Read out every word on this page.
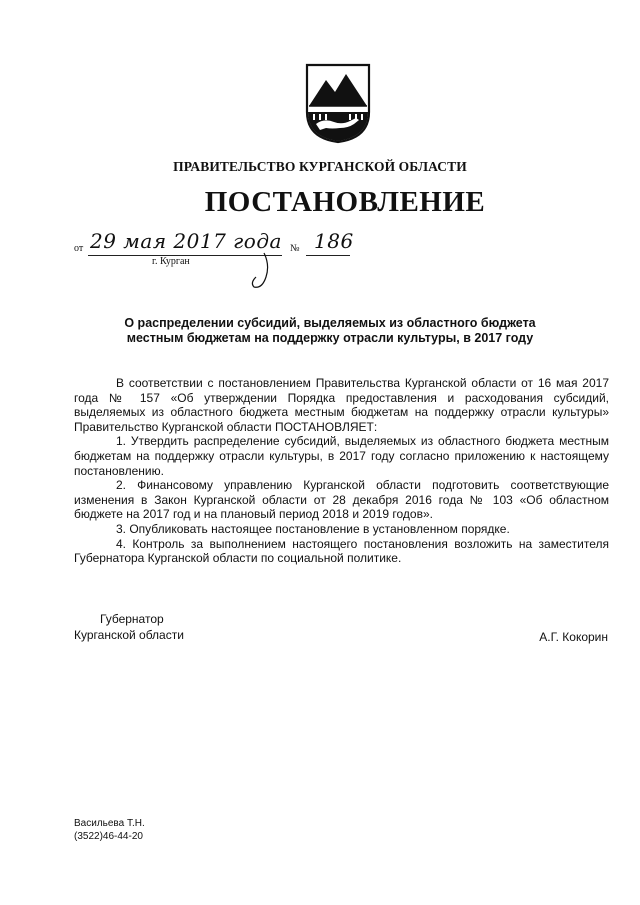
ПРАВИТЕЛЬСТВО КУРГАНСКОЙ ОБЛАСТИ
ПОСТАНОВЛЕНИЕ
от 29 мая 2017 года № 186
г. Курган
О распределении субсидий, выделяемых из областного бюджета
местным бюджетам на поддержку отрасли культуры, в 2017 году

В соответствии с постановлением Правительства Курганской области от 16 мая 2017 года № 157 «Об утверждении Порядка предоставления и расходования субсидий, выделяемых из областного бюджета местным бюджетам на поддержку отрасли культуры» Правительство Курганской области ПОСТАНОВЛЯЕТ:

1. Утвердить распределение субсидий, выделяемых из областного бюджета местным бюджетам на поддержку отрасли культуры, в 2017 году согласно приложению к настоящему постановлению.

2. Финансовому управлению Курганской области подготовить соответствующие изменения в Закон Курганской области от 28 декабря 2016 года № 103 «Об областном бюджете на 2017 год и на плановый период 2018 и 2019 годов».

3. Опубликовать настоящее постановление в установленном порядке.

4. Контроль за выполнением настоящего постановления возложить на заместителя Губернатора Курганской области по социальной политике.

Губернатор
Курганской области	А.Г. Кокорин
Васильева Т.Н.
(3522)46-44-20
